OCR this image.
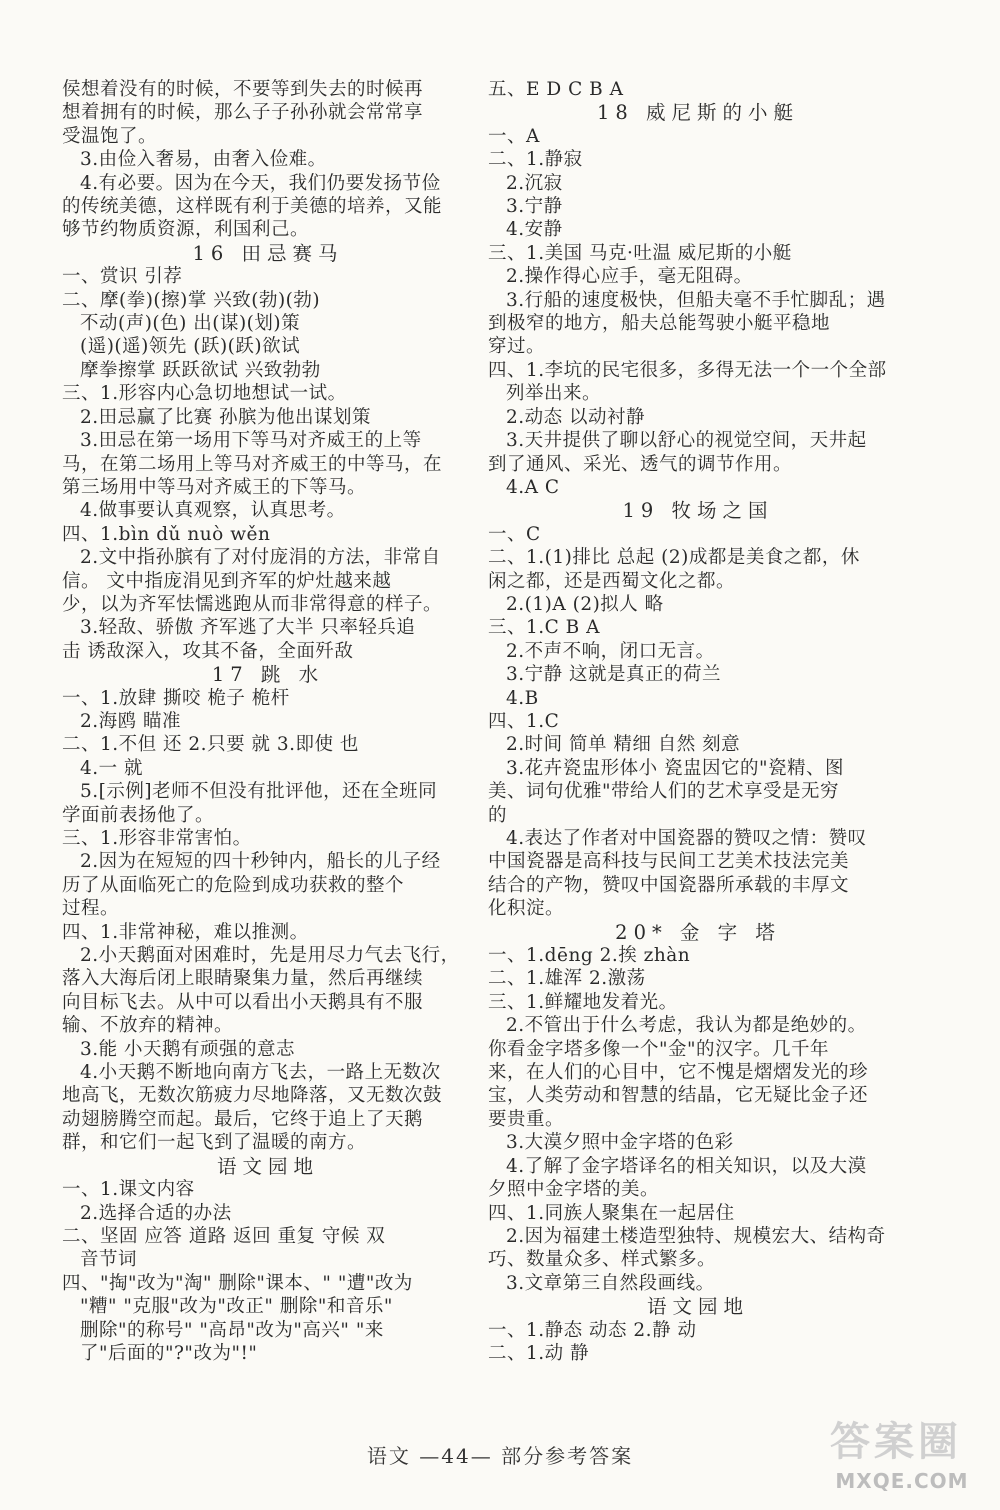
侯想着没有的时候，不要等到失去的时候再
想着拥有的时候，那么子子孙孙就会常常享
受温饱了。
3.由俭入奢易，由奢入俭难。
4.有必要。因为在今天，我们仍要发扬节俭
的传统美德，这样既有利于美德的培养，又能
够节约物质资源，利国利己。
16 田忌赛马
一、赏识 引荐
二、摩(拳)(擦)掌 兴致(勃)(勃)
不动(声)(色) 出(谋)(划)策
(遥)(遥)领先 (跃)(跃)欲试
摩拳擦掌 跃跃欲试 兴致勃勃
三、1.形容内心急切地想试一试。
2.田忌赢了比赛 孙膑为他出谋划策
3.田忌在第一场用下等马对齐威王的上等
马，在第二场用上等马对齐威王的中等马，在
第三场用中等马对齐威王的下等马。
4.做事要认真观察，认真思考。
四、1.bìn dǔ nuò wěn
2.文中指孙膑有了对付庞涓的方法，非常自
信。 文中指庞涓见到齐军的炉灶越来越
少，以为齐军怯懦逃跑从而非常得意的样子。
3.轻敌、骄傲 齐军逃了大半 只率轻兵追
击 诱敌深入，攻其不备，全面歼敌
17 跳 水
一、1.放肆 撕咬 桅子 桅杆
2.海鸥 瞄准
二、1.不但 还 2.只要 就 3.即使 也
4.一 就
5.[示例]老师不但没有批评他，还在全班同
学面前表扬他了。
三、1.形容非常害怕。
2.因为在短短的四十秒钟内，船长的儿子经
历了从面临死亡的危险到成功获救的整个
过程。
四、1.非常神秘，难以推测。
2.小天鹅面对困难时，先是用尽力气去飞行，
落入大海后闭上眼睛聚集力量，然后再继续
向目标飞去。从中可以看出小天鹅具有不服
输、不放弃的精神。
3.能 小天鹅有顽强的意志
4.小天鹅不断地向南方飞去，一路上无数次
地高飞，无数次筋疲力尽地降落，又无数次鼓
动翅膀腾空而起。最后，它终于追上了天鹅
群，和它们一起飞到了温暖的南方。
语文园地
一、1.课文内容
2.选择合适的办法
二、坚固 应答 道路 返回 重复 守候 双
音节词
四、"掏"改为"淘" 删除"课本、" "遭"改为
"糟" "克服"改为"改正" 删除"和音乐"
删除"的称号" "高昂"改为"高兴" "来
了"后面的"?"改为"!"
五、E D C B A
18 威尼斯的小艇
一、A
二、1.静寂
2.沉寂
3.宁静
4.安静
三、1.美国 马克·吐温 威尼斯的小艇
2.操作得心应手，毫无阻碍。
3.行船的速度极快，但船夫毫不手忙脚乱；遇
到极窄的地方，船夫总能驾驶小艇平稳地
穿过。
四、1.李坑的民宅很多，多得无法一个一个全部
列举出来。
2.动态 以动衬静
3.天井提供了聊以舒心的视觉空间，天井起
到了通风、采光、透气的调节作用。
4.A C
19 牧场之国
一、C
二、1.(1)排比 总起 (2)成都是美食之都，休
闲之都，还是西蜀文化之都。
2.(1)A (2)拟人 略
三、1.C B A
2.不声不响，闭口无言。
3.宁静 这就是真正的荷兰
4.B
四、1.C
2.时间 简单 精细 自然 刻意
3.花卉瓷盅形体小 瓷盅因它的"瓷精、图
美、词句优雅"带给人们的艺术享受是无穷
的
4.表达了作者对中国瓷器的赞叹之情：赞叹
中国瓷器是高科技与民间工艺美术技法完美
结合的产物，赞叹中国瓷器所承载的丰厚文
化积淀。
20* 金 字 塔
一、1.dēng 2.挨 zhàn
二、1.雄浑 2.激荡
三、1.鲜耀地发着光。
2.不管出于什么考虑，我认为都是绝妙的。
你看金字塔多像一个"金"的汉字。几千年
来，在人们的心目中，它不愧是熠熠发光的珍
宝，人类劳动和智慧的结晶，它无疑比金子还
要贵重。
3.大漠夕照中金字塔的色彩
4.了解了金字塔译名的相关知识，以及大漠
夕照中金字塔的美。
四、1.同族人聚集在一起居住
2.因为福建土楼造型独特、规模宏大、结构奇
巧、数量众多、样式繁多。
3.文章第三自然段画线。
语文园地
一、1.静态 动态 2.静 动
二、1.动 静
语文 —44— 部分参考答案	答案圈
MXQE.COM
